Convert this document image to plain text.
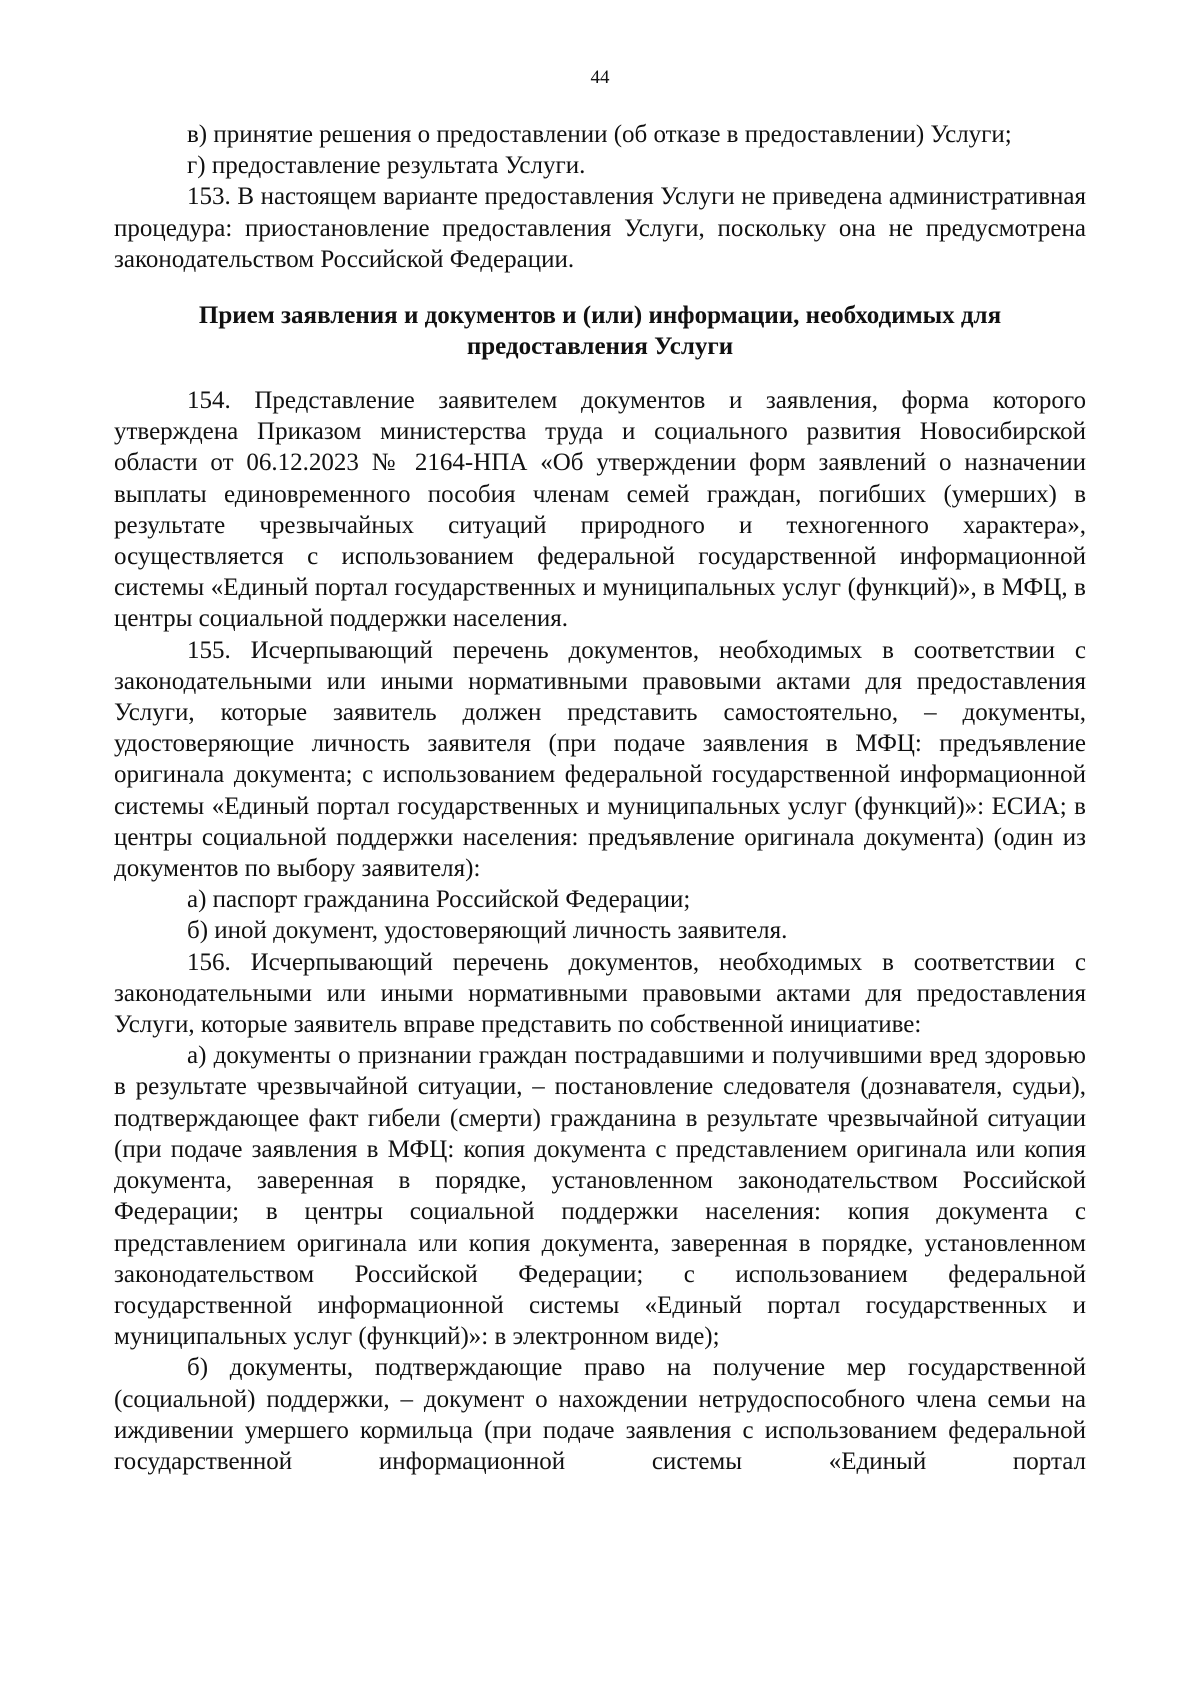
44

в) принятие решения о предоставлении (об отказе в предоставлении) Услуги;

г) предоставление результата Услуги.

153. В настоящем варианте предоставления Услуги не приведена административная процедура: приостановление предоставления Услуги, поскольку она не предусмотрена законодательством Российской Федерации.

Прием заявления и документов и (или) информации, необходимых для предоставления Услуги

154. Представление заявителем документов и заявления, форма которого утверждена Приказом министерства труда и социального развития Новосибирской области от 06.12.2023 № 2164-НПА «Об утверждении форм заявлений о назначении выплаты единовременного пособия членам семей граждан, погибших (умерших) в результате чрезвычайных ситуаций природного и техногенного характера», осуществляется с использованием федеральной государственной информационной системы «Единый портал государственных и муниципальных услуг (функций)», в МФЦ, в центры социальной поддержки населения.

155. Исчерпывающий перечень документов, необходимых в соответствии с законодательными или иными нормативными правовыми актами для предоставления Услуги, которые заявитель должен представить самостоятельно, – документы, удостоверяющие личность заявителя (при подаче заявления в МФЦ: предъявление оригинала документа; с использованием федеральной государственной информационной системы «Единый портал государственных и муниципальных услуг (функций)»: ЕСИА; в центры социальной поддержки населения: предъявление оригинала документа) (один из документов по выбору заявителя):

а) паспорт гражданина Российской Федерации;

б) иной документ, удостоверяющий личность заявителя.

156. Исчерпывающий перечень документов, необходимых в соответствии с законодательными или иными нормативными правовыми актами для предоставления Услуги, которые заявитель вправе представить по собственной инициативе:

а) документы о признании граждан пострадавшими и получившими вред здоровью в результате чрезвычайной ситуации, – постановление следователя (дознавателя, судьи), подтверждающее факт гибели (смерти) гражданина в результате чрезвычайной ситуации (при подаче заявления в МФЦ: копия документа с представлением оригинала или копия документа, заверенная в порядке, установленном законодательством Российской Федерации; в центры социальной поддержки населения: копия документа с представлением оригинала или копия документа, заверенная в порядке, установленном законодательством Российской Федерации; с использованием федеральной государственной информационной системы «Единый портал государственных и муниципальных услуг (функций)»: в электронном виде);

б) документы, подтверждающие право на получение мер государственной (социальной) поддержки, – документ о нахождении нетрудоспособного члена семьи на иждивении умершего кормильца (при подаче заявления с использованием федеральной государственной информационной системы «Единый портал
